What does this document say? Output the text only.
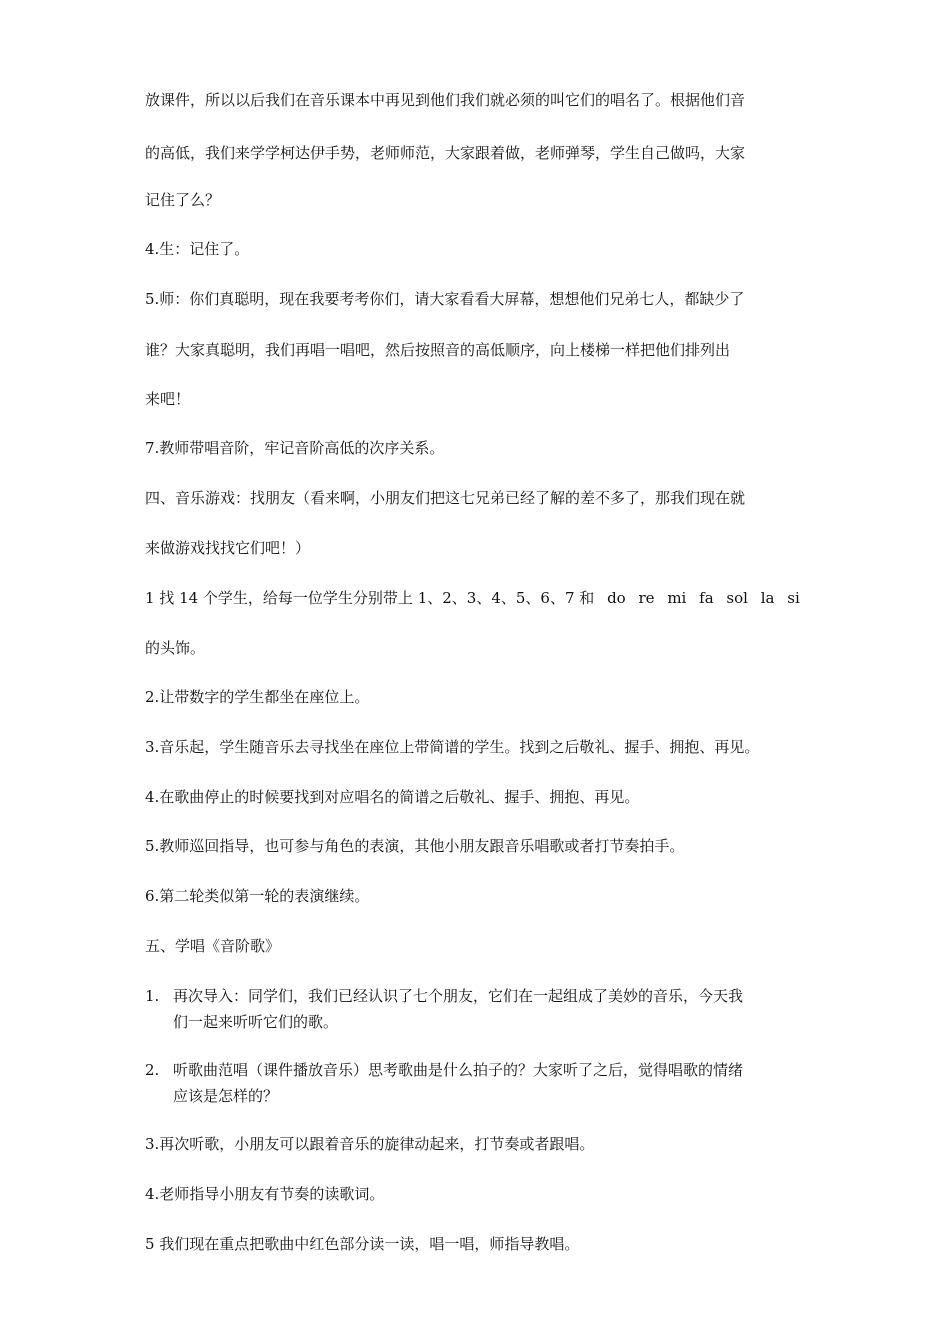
放课件，所以以后我们在音乐课本中再见到他们我们就必须的叫它们的唱名了。根据他们音
的高低，我们来学学柯达伊手势，老师师范，大家跟着做，老师弹琴，学生自己做吗，大家
记住了么？
4.生：记住了。
5.师：你们真聪明，现在我要考考你们，请大家看看大屏幕，想想他们兄弟七人，都缺少了
谁？大家真聪明，我们再唱一唱吧，然后按照音的高低顺序，向上楼梯一样把他们排列出
来吧！
7.教师带唱音阶，牢记音阶高低的次序关系。
四、音乐游戏：找朋友（看来啊，小朋友们把这七兄弟已经了解的差不多了，那我们现在就
来做游戏找找它们吧！）
1 找 14 个学生，给每一位学生分别带上 1、2、3、4、5、6、7 和 do re mi fa sol la si
的头饰。
2.让带数字的学生都坐在座位上。
3.音乐起，学生随音乐去寻找坐在座位上带简谱的学生。找到之后敬礼、握手、拥抱、再见。
4.在歌曲停止的时候要找到对应唱名的简谱之后敬礼、握手、拥抱、再见。
5.教师巡回指导，也可参与角色的表演，其他小朋友跟音乐唱歌或者打节奏拍手。
6.第二轮类似第一轮的表演继续。
五、学唱《音阶歌》
1. 再次导入：同学们，我们已经认识了七个朋友，它们在一起组成了美妙的音乐，今天我
们一起来听听它们的歌。
2. 听歌曲范唱（课件播放音乐）思考歌曲是什么拍子的？大家听了之后，觉得唱歌的情绪
应该是怎样的？
3.再次听歌，小朋友可以跟着音乐的旋律动起来，打节奏或者跟唱。
4.老师指导小朋友有节奏的读歌词。
5 我们现在重点把歌曲中红色部分读一读，唱一唱，师指导教唱。
